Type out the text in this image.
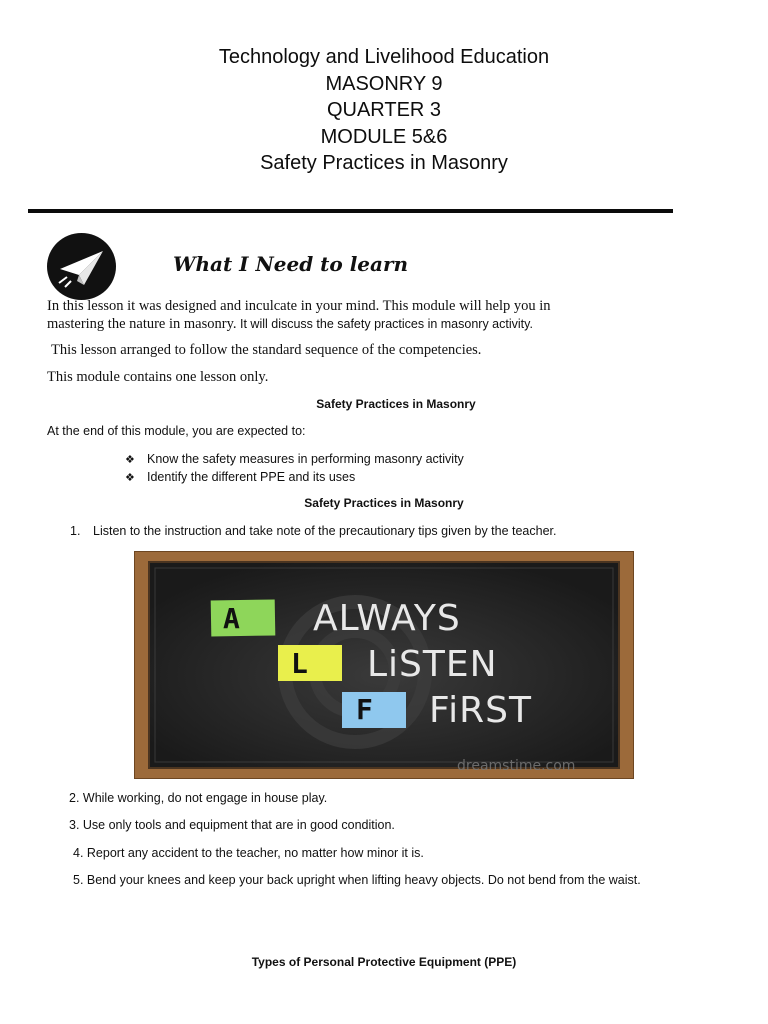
Technology and Livelihood Education
MASONRY 9
QUARTER 3
MODULE 5&6
Safety Practices in Masonry
What I Need to learn
In this lesson it was designed and inculcate in your mind. This module will help you in
mastering the nature in masonry. It will discuss the safety practices in masonry activity.
This lesson arranged to follow the standard sequence of the competencies.
This module contains one lesson only.
Safety Practices in Masonry
At the end of this module, you are expected to:
❖ Know the safety measures in performing masonry activity
❖ Identify the different PPE and its uses
Safety Practices in Masonry
1. Listen to the instruction and take note of the precautionary tips given by the teacher.
A
L
F
ALWAYS
LiSTEN
FiRST
dreamstime.com
2. While working, do not engage in house play.
3. Use only tools and equipment that are in good condition.
4. Report any accident to the teacher, no matter how minor it is.
5. Bend your knees and keep your back upright when lifting heavy objects. Do not bend from the waist.
Types of Personal Protective Equipment (PPE)
